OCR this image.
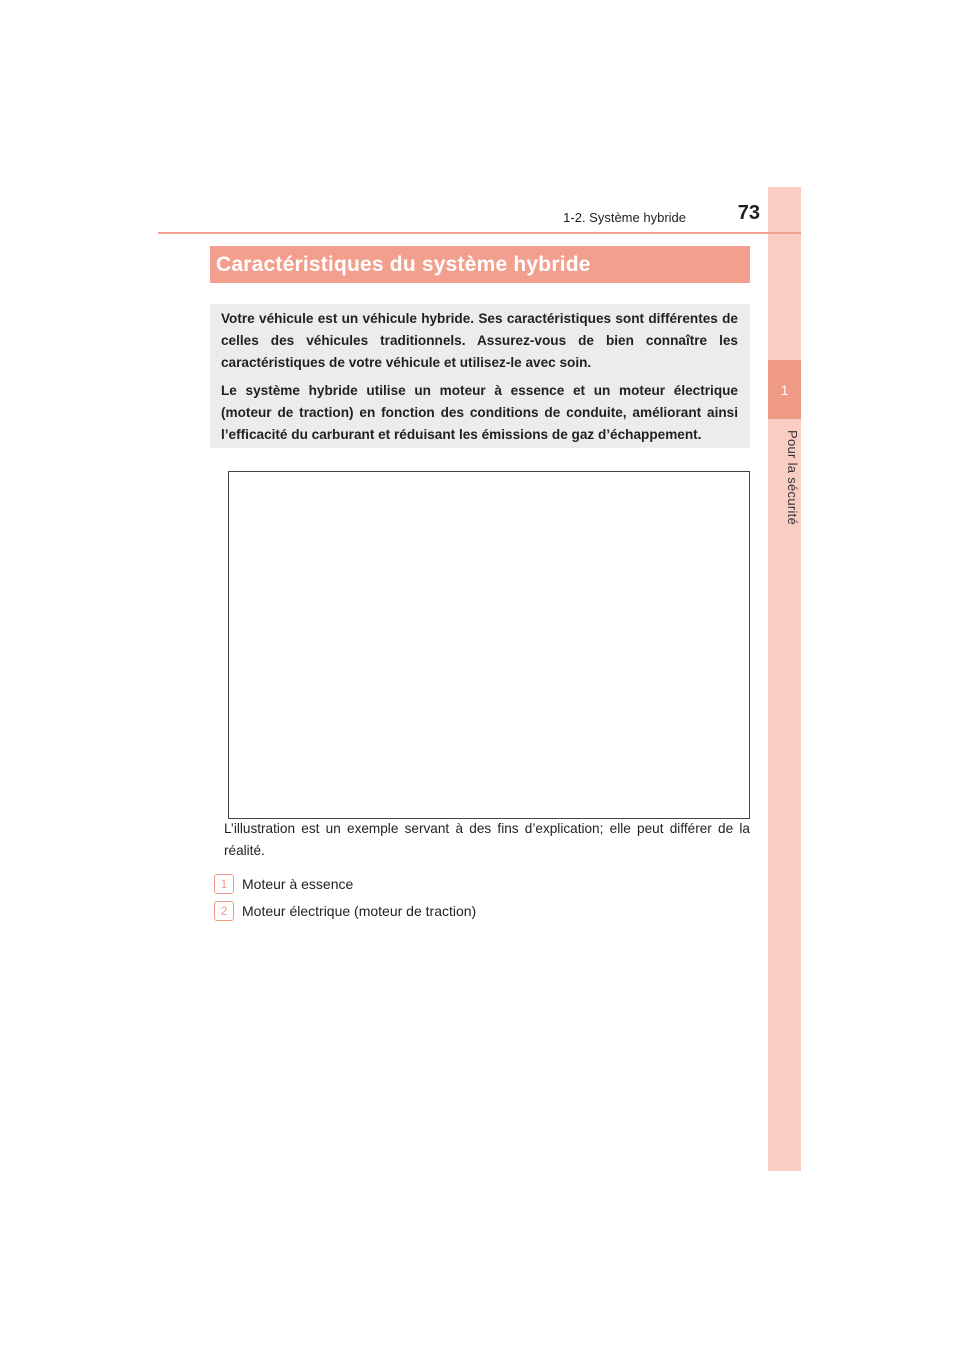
1
Pour la sécurité
1-2. Système hybride	73
Caractéristiques du système hybride

Votre véhicule est un véhicule hybride. Ses caractéristiques sont différentes de celles des véhicules traditionnels. Assurez-vous de bien connaître les caractéristiques de votre véhicule et utilisez-le avec soin.

Le système hybride utilise un moteur à essence et un moteur électrique (moteur de traction) en fonction des conditions de conduite, améliorant ainsi l’efficacité du carburant et réduisant les émissions de gaz d’échappement.

L’illustration est un exemple servant à des fins d’explication; elle peut différer de la réalité.
1	Moteur à essence
2	Moteur électrique (moteur de traction)
